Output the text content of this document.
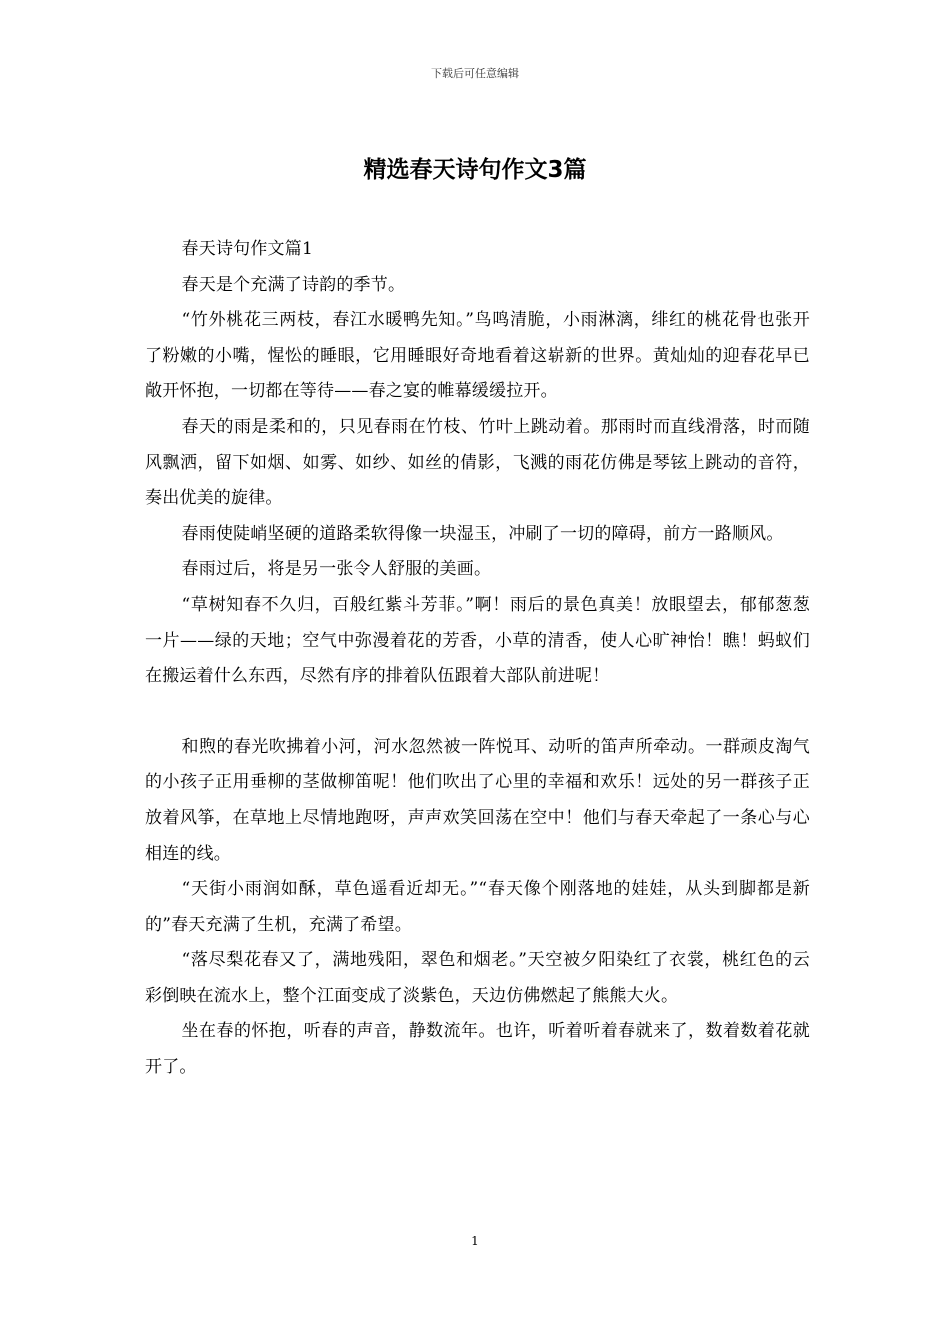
下载后可任意编辑
精选春天诗句作文3篇

春天诗句作文篇1

春天是个充满了诗韵的季节。

“竹外桃花三两枝，春江水暖鸭先知。”鸟鸣清脆，小雨淋漓，绯红的桃花骨也张开了粉嫩的小嘴，惺忪的睡眼，它用睡眼好奇地看着这崭新的世界。黄灿灿的迎春花早已敞开怀抱，一切都在等待——春之宴的帷幕缓缓拉开。

春天的雨是柔和的，只见春雨在竹枝、竹叶上跳动着。那雨时而直线滑落，时而随风飘洒，留下如烟、如雾、如纱、如丝的倩影，飞溅的雨花仿佛是琴铉上跳动的音符，奏出优美的旋律。

春雨使陡峭坚硬的道路柔软得像一块湿玉，冲刷了一切的障碍，前方一路顺风。

春雨过后，将是另一张令人舒服的美画。

“草树知春不久归，百般红紫斗芳菲。”啊！雨后的景色真美！放眼望去，郁郁葱葱一片——绿的天地；空气中弥漫着花的芳香，小草的清香，使人心旷神怡！瞧！蚂蚁们在搬运着什么东西，尽然有序的排着队伍跟着大部队前进呢！

和煦的春光吹拂着小河，河水忽然被一阵悦耳、动听的笛声所牵动。一群顽皮淘气的小孩子正用垂柳的茎做柳笛呢！他们吹出了心里的幸福和欢乐！远处的另一群孩子正放着风筝，在草地上尽情地跑呀，声声欢笑回荡在空中！他们与春天牵起了一条心与心相连的线。

“天街小雨润如酥，草色遥看近却无。”“春天像个刚落地的娃娃，从头到脚都是新的”春天充满了生机，充满了希望。

“落尽梨花春又了，满地残阳，翠色和烟老。”天空被夕阳染红了衣裳，桃红色的云彩倒映在流水上，整个江面变成了淡紫色，天边仿佛燃起了熊熊大火。

坐在春的怀抱，听春的声音，静数流年。也许，听着听着春就来了，数着数着花就开了。

1
